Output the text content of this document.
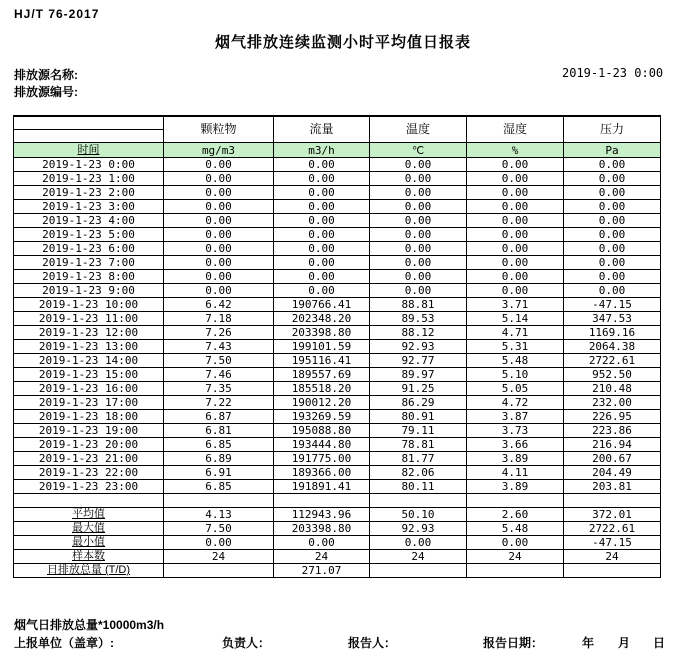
HJ/T 76-2017
烟气排放连续监测小时平均值日报表
排放源名称:
排放源编号:
2019-1-23 0:00
	颗粒物	流量	温度	湿度	压力

时间	mg/m3	m3/h	℃	%	Pa
2019-1-23 0:00	0.00	0.00	0.00	0.00	0.00
2019-1-23 1:00	0.00	0.00	0.00	0.00	0.00
2019-1-23 2:00	0.00	0.00	0.00	0.00	0.00
2019-1-23 3:00	0.00	0.00	0.00	0.00	0.00
2019-1-23 4:00	0.00	0.00	0.00	0.00	0.00
2019-1-23 5:00	0.00	0.00	0.00	0.00	0.00
2019-1-23 6:00	0.00	0.00	0.00	0.00	0.00
2019-1-23 7:00	0.00	0.00	0.00	0.00	0.00
2019-1-23 8:00	0.00	0.00	0.00	0.00	0.00
2019-1-23 9:00	0.00	0.00	0.00	0.00	0.00
2019-1-23 10:00	6.42	190766.41	88.81	3.71	-47.15
2019-1-23 11:00	7.18	202348.20	89.53	5.14	347.53
2019-1-23 12:00	7.26	203398.80	88.12	4.71	1169.16
2019-1-23 13:00	7.43	199101.59	92.93	5.31	2064.38
2019-1-23 14:00	7.50	195116.41	92.77	5.48	2722.61
2019-1-23 15:00	7.46	189557.69	89.97	5.10	952.50
2019-1-23 16:00	7.35	185518.20	91.25	5.05	210.48
2019-1-23 17:00	7.22	190012.20	86.29	4.72	232.00
2019-1-23 18:00	6.87	193269.59	80.91	3.87	226.95
2019-1-23 19:00	6.81	195088.80	79.11	3.73	223.86
2019-1-23 20:00	6.85	193444.80	78.81	3.66	216.94
2019-1-23 21:00	6.89	191775.00	81.77	3.89	200.67
2019-1-23 22:00	6.91	189366.00	82.06	4.11	204.49
2019-1-23 23:00	6.85	191891.41	80.11	3.89	203.81

平均值	4.13	112943.96	50.10	2.60	372.01
最大值	7.50	203398.80	92.93	5.48	2722.61
最小值	0.00	0.00	0.00	0.00	-47.15
样本数	24	24	24	24	24
日排放总量 (T/D)		271.07			
烟气日排放总量*10000m3/h
上报单位（盖章）:	负责人：	报告人：	报告日期：	年 月 日
